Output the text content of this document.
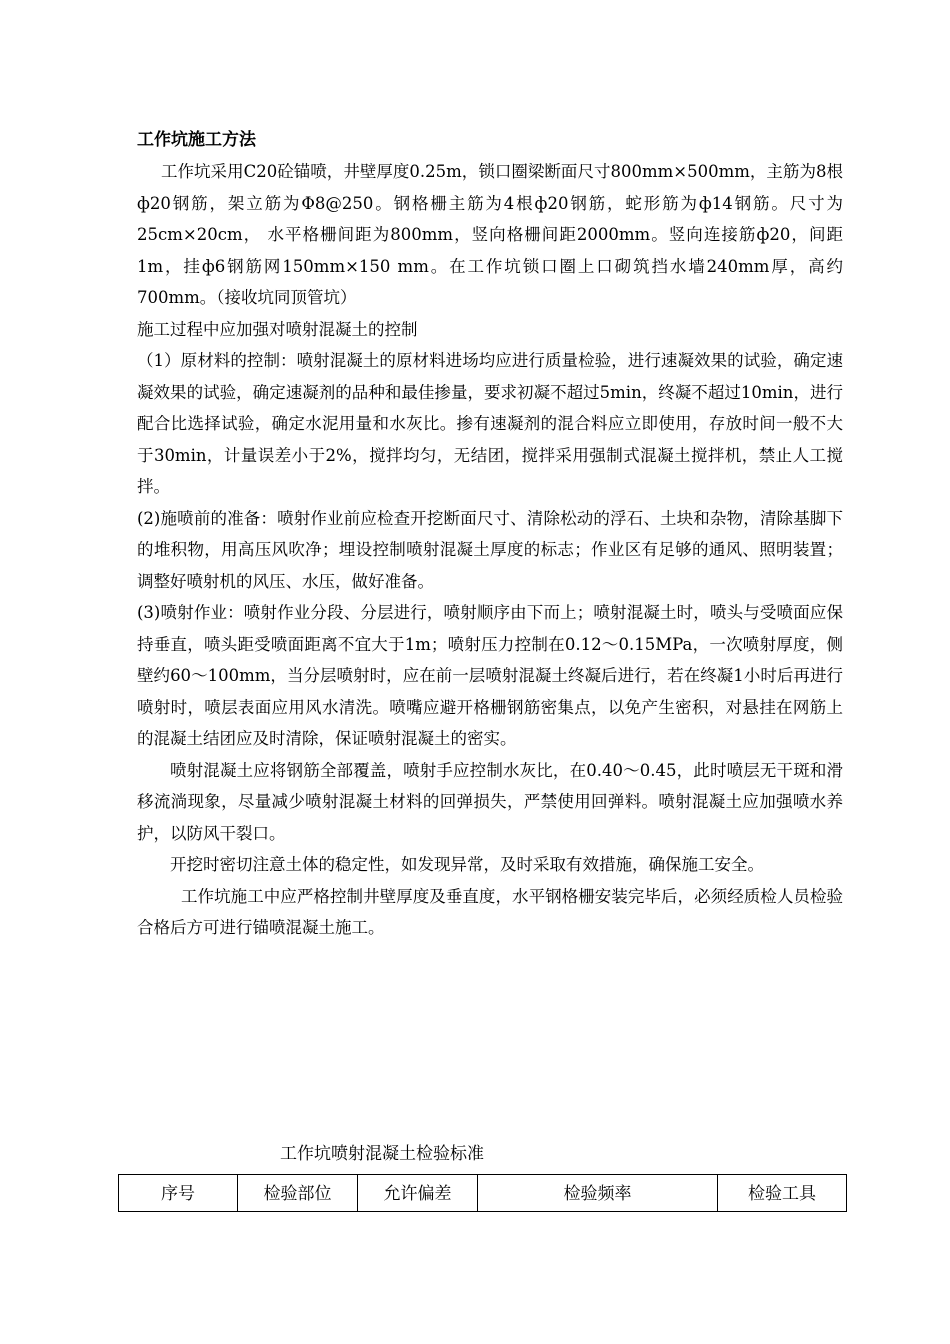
工作坑施工方法

工作坑采用C20砼锚喷，井壁厚度0.25m，锁口圈梁断面尺寸800mm×500mm，主筋为8根ф20钢筋，架立筋为Φ8@250。钢格栅主筋为4根ф20钢筋，蛇形筋为ф14钢筋。尺寸为25cm×20cm， 水平格栅间距为800mm，竖向格栅间距2000mm。竖向连接筋ф20，间距1m，挂ф6钢筋网150mm×150 mm。在工作坑锁口圈上口砌筑挡水墙240mm厚，高约700mm。（接收坑同顶管坑）

施工过程中应加强对喷射混凝土的控制

（1）原材料的控制：喷射混凝土的原材料进场均应进行质量检验，进行速凝效果的试验，确定速凝效果的试验，确定速凝剂的品种和最佳掺量，要求初凝不超过5min，终凝不超过10min，进行配合比选择试验，确定水泥用量和水灰比。掺有速凝剂的混合料应立即使用，存放时间一般不大于30min，计量误差小于2%，搅拌均匀，无结团，搅拌采用强制式混凝土搅拌机，禁止人工搅拌。

(2)施喷前的准备：喷射作业前应检查开挖断面尺寸、清除松动的浮石、土块和杂物，清除基脚下的堆积物，用高压风吹净；埋设控制喷射混凝土厚度的标志；作业区有足够的通风、照明装置；调整好喷射机的风压、水压，做好准备。

(3)喷射作业：喷射作业分段、分层进行，喷射顺序由下而上；喷射混凝土时，喷头与受喷面应保持垂直，喷头距受喷面距离不宜大于1m；喷射压力控制在0.12～0.15MPa，一次喷射厚度，侧壁约60～100mm，当分层喷射时，应在前一层喷射混凝土终凝后进行，若在终凝1小时后再进行喷射时，喷层表面应用风水清洗。喷嘴应避开格栅钢筋密集点，以免产生密积，对悬挂在网筋上的混凝土结团应及时清除，保证喷射混凝土的密实。

喷射混凝土应将钢筋全部覆盖，喷射手应控制水灰比，在0.40～0.45，此时喷层无干斑和滑移流淌现象，尽量减少喷射混凝土材料的回弹损失，严禁使用回弹料。喷射混凝土应加强喷水养护，以防风干裂口。

开挖时密切注意土体的稳定性，如发现异常，及时采取有效措施，确保施工安全。

工作坑施工中应严格控制井壁厚度及垂直度，水平钢格栅安装完毕后，必须经质检人员检验合格后方可进行锚喷混凝土施工。

工作坑喷射混凝土检验标准
序号	检验部位	允许偏差	检验频率	检验工具
